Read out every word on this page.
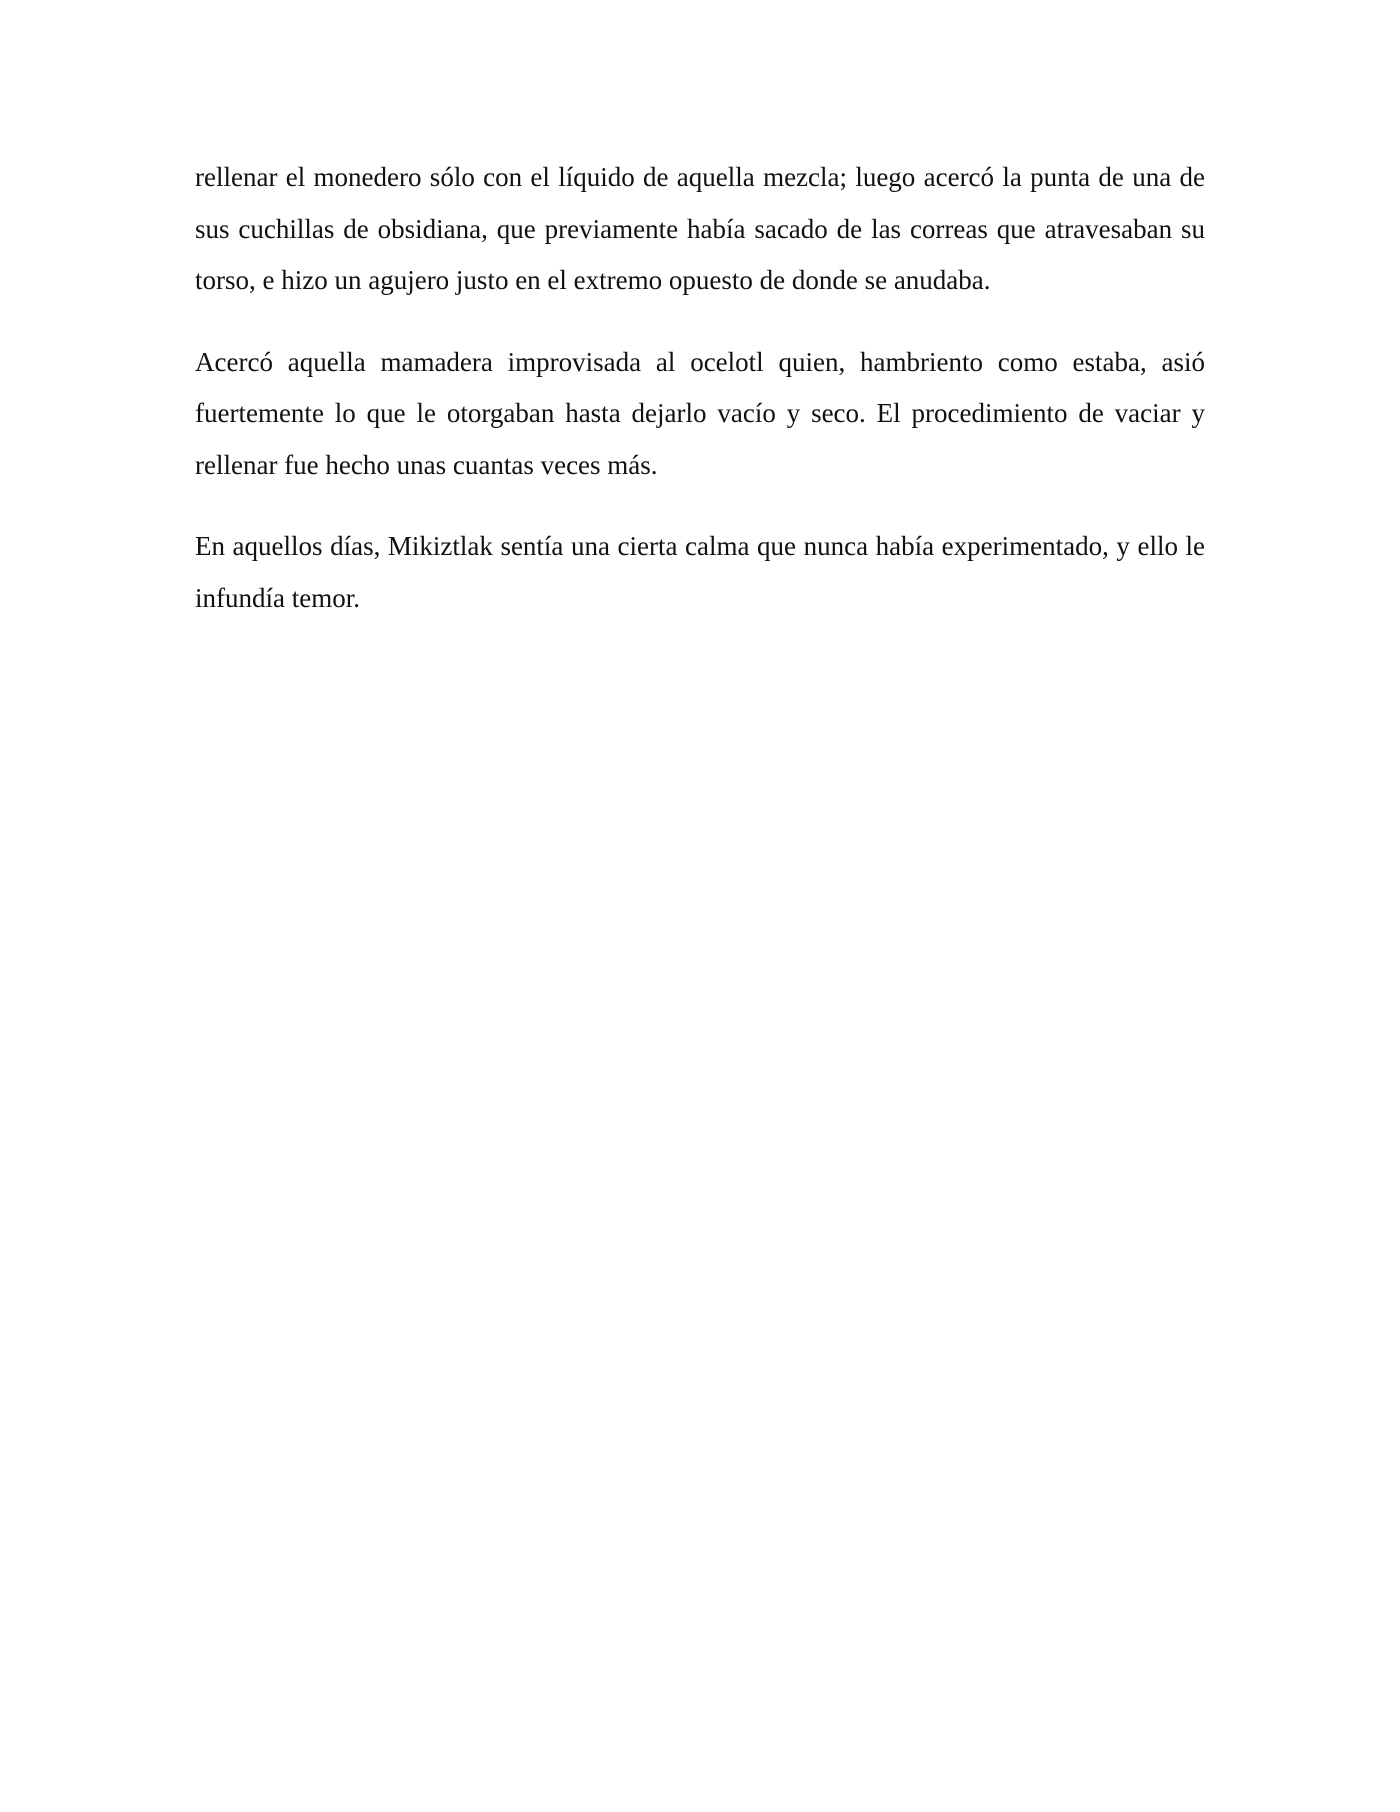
rellenar el monedero sólo con el líquido de aquella mezcla; luego acercó la punta de una de sus cuchillas de obsidiana, que previamente había sacado de las correas que atravesaban su torso, e hizo un agujero justo en el extremo opuesto de donde se anudaba.

Acercó aquella mamadera improvisada al ocelotl quien, hambriento como estaba, asió fuertemente lo que le otorgaban hasta dejarlo vacío y seco. El procedimiento de vaciar y rellenar fue hecho unas cuantas veces más.

En aquellos días, Mikiztlak sentía una cierta calma que nunca había experimentado, y ello le infundía temor.
